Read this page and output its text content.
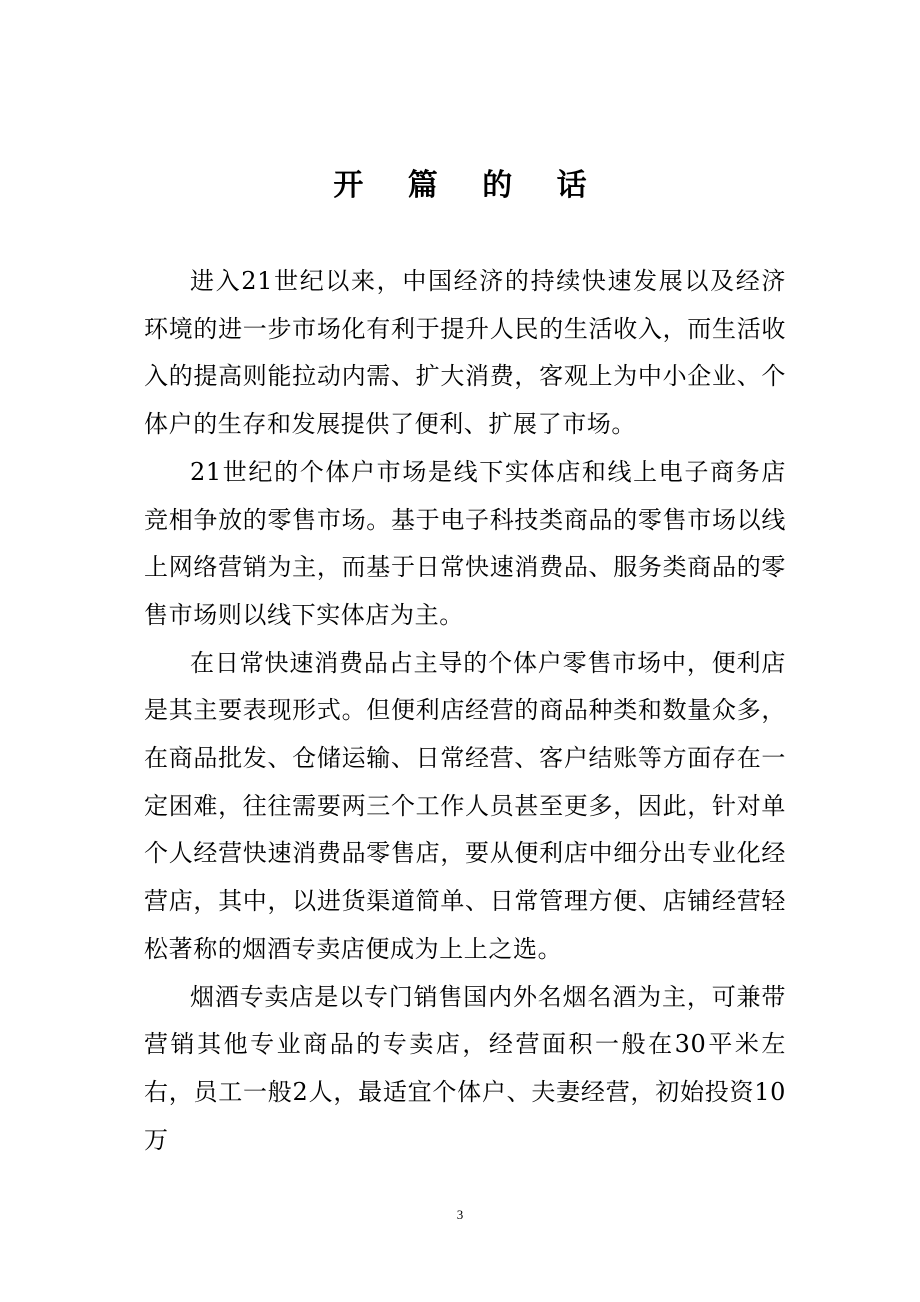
开 篇 的 话

进入21世纪以来，中国经济的持续快速发展以及经济环境的进一步市场化有利于提升人民的生活收入，而生活收入的提高则能拉动内需、扩大消费，客观上为中小企业、个体户的生存和发展提供了便利、扩展了市场。

21世纪的个体户市场是线下实体店和线上电子商务店竞相争放的零售市场。基于电子科技类商品的零售市场以线上网络营销为主，而基于日常快速消费品、服务类商品的零售市场则以线下实体店为主。

在日常快速消费品占主导的个体户零售市场中，便利店是其主要表现形式。但便利店经营的商品种类和数量众多，在商品批发、仓储运输、日常经营、客户结账等方面存在一定困难，往往需要两三个工作人员甚至更多，因此，针对单个人经营快速消费品零售店，要从便利店中细分出专业化经营店，其中，以进货渠道简单、日常管理方便、店铺经营轻松著称的烟酒专卖店便成为上上之选。

烟酒专卖店是以专门销售国内外名烟名酒为主，可兼带营销其他专业商品的专卖店，经营面积一般在30平米左右，员工一般2人，最适宜个体户、夫妻经营，初始投资10万

3
